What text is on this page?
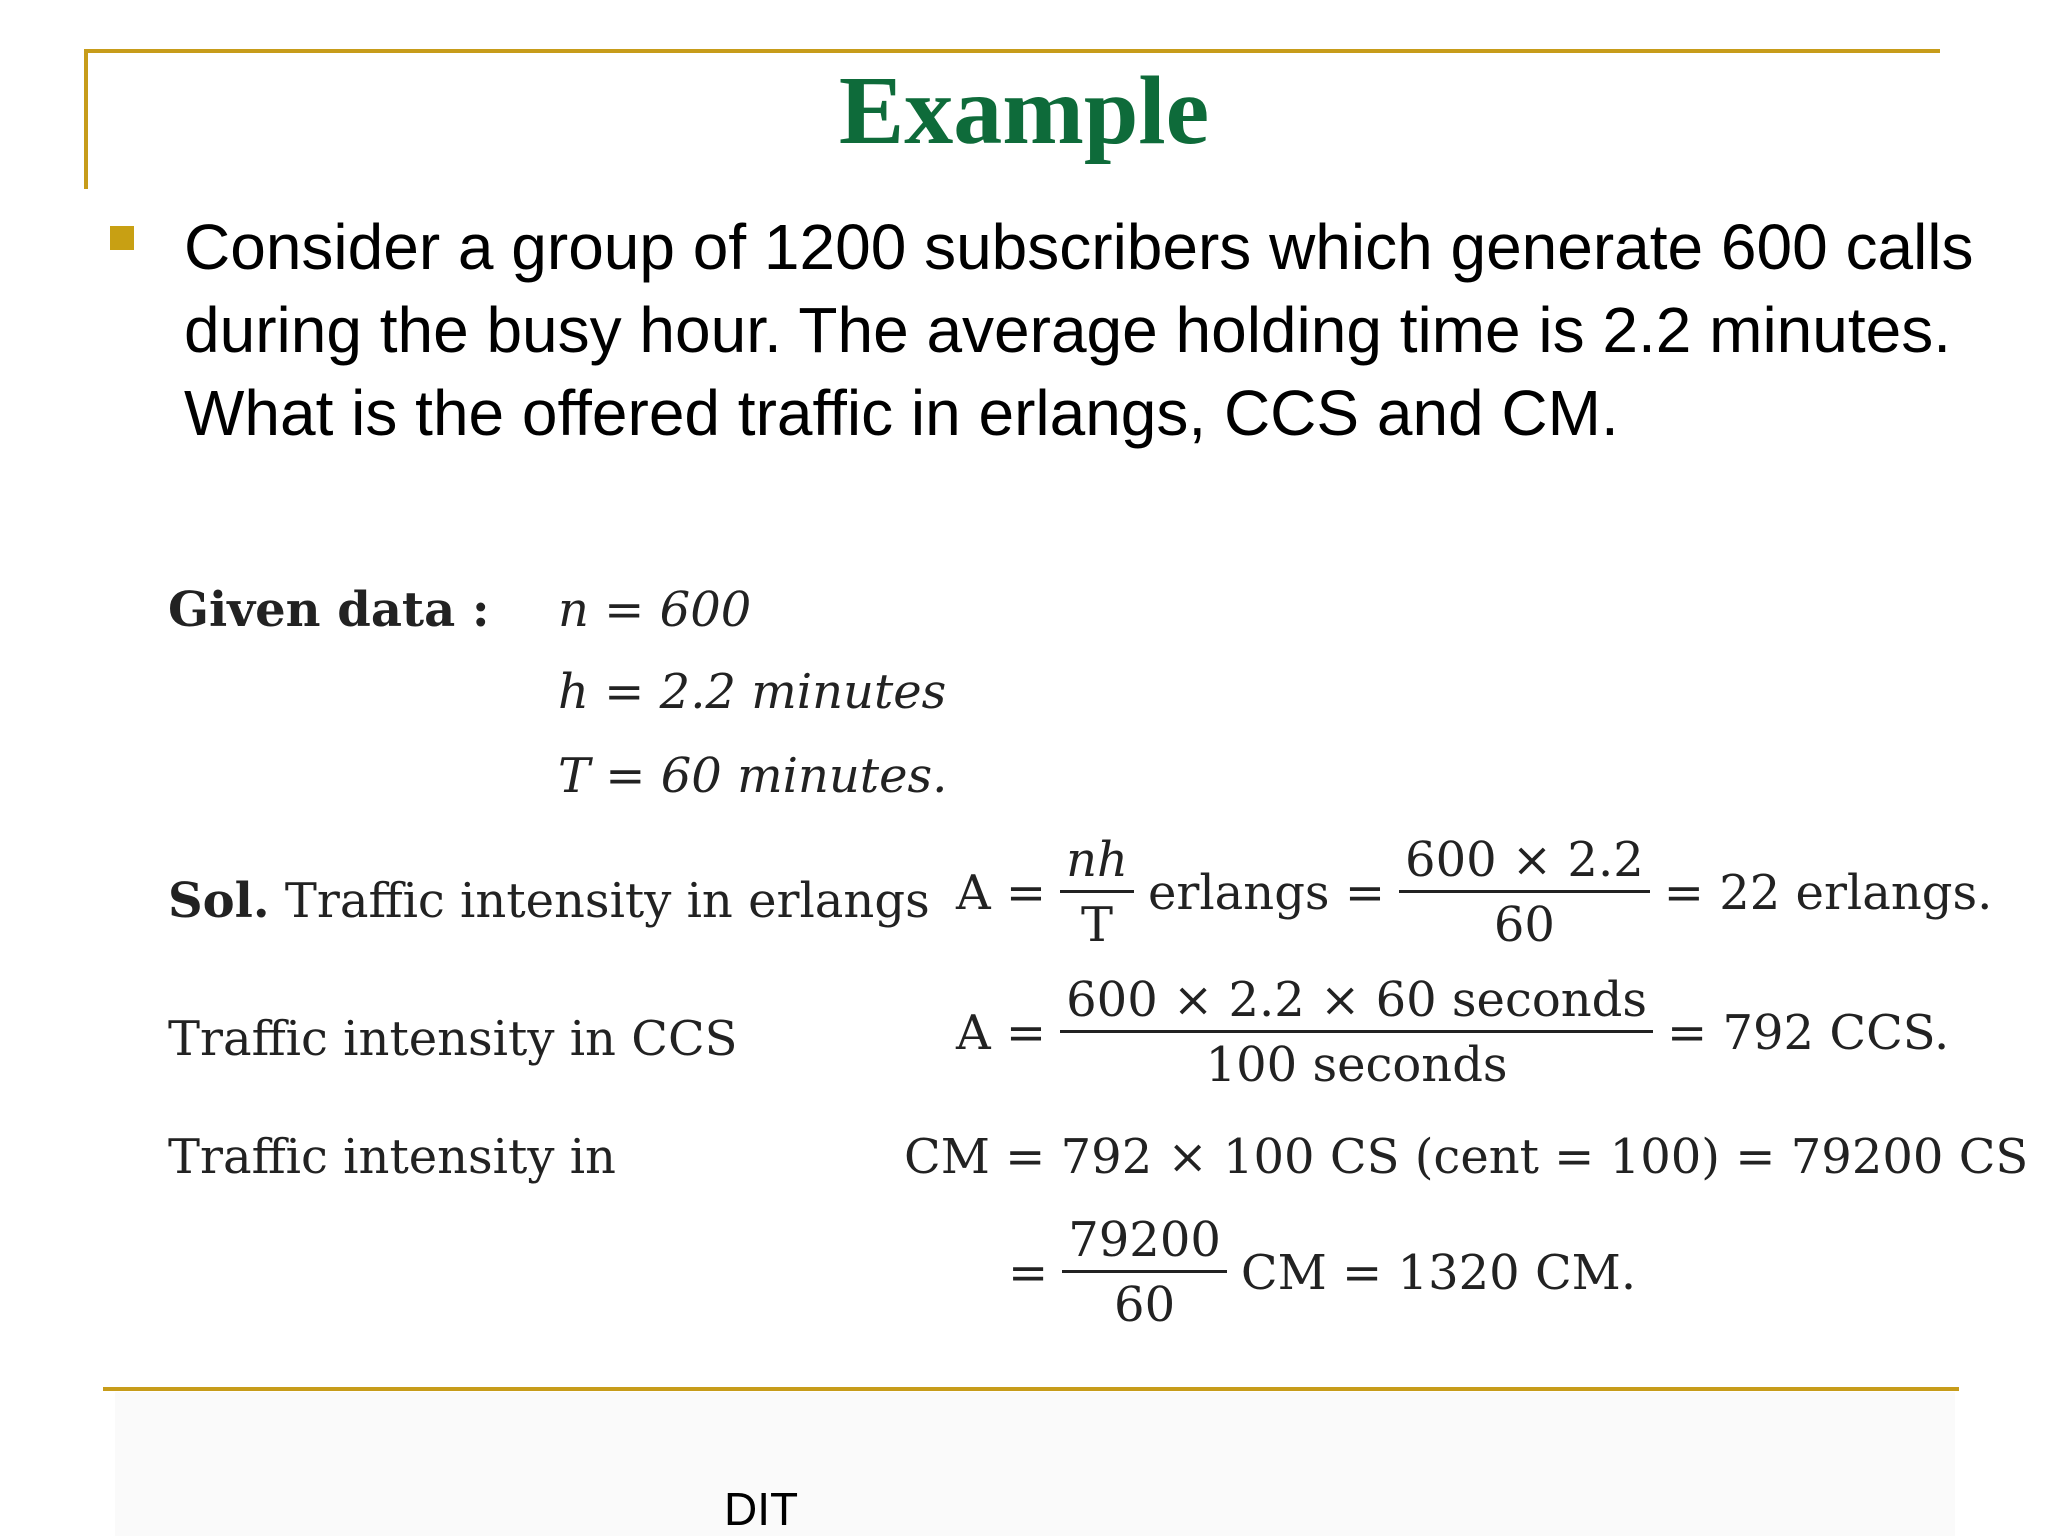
Example
Consider a group of 1200 subscribers which generate 600 calls during the busy hour. The average holding time is 2.2 minutes. What is the offered traffic in erlangs, CCS and CM.
Given data : n = 600
h = 2.2 minutes
T = 60 minutes.
Sol. Traffic intensity in erlangs $A = \frac{nh}{T}$ erlangs = $\frac{600 \times 2.2}{60} = 22$ erlangs.
Traffic intensity in CCS	$A = \frac{\text{600 × 2.2 × 60 seconds}}{\text{100 seconds}} = 792$ CCS.
Traffic intensity in	CM = 792 × 100 CS (cent = 100) = 79200 CS
= $\frac{79200}{60}$ CM = 1320 CM.
DIT
